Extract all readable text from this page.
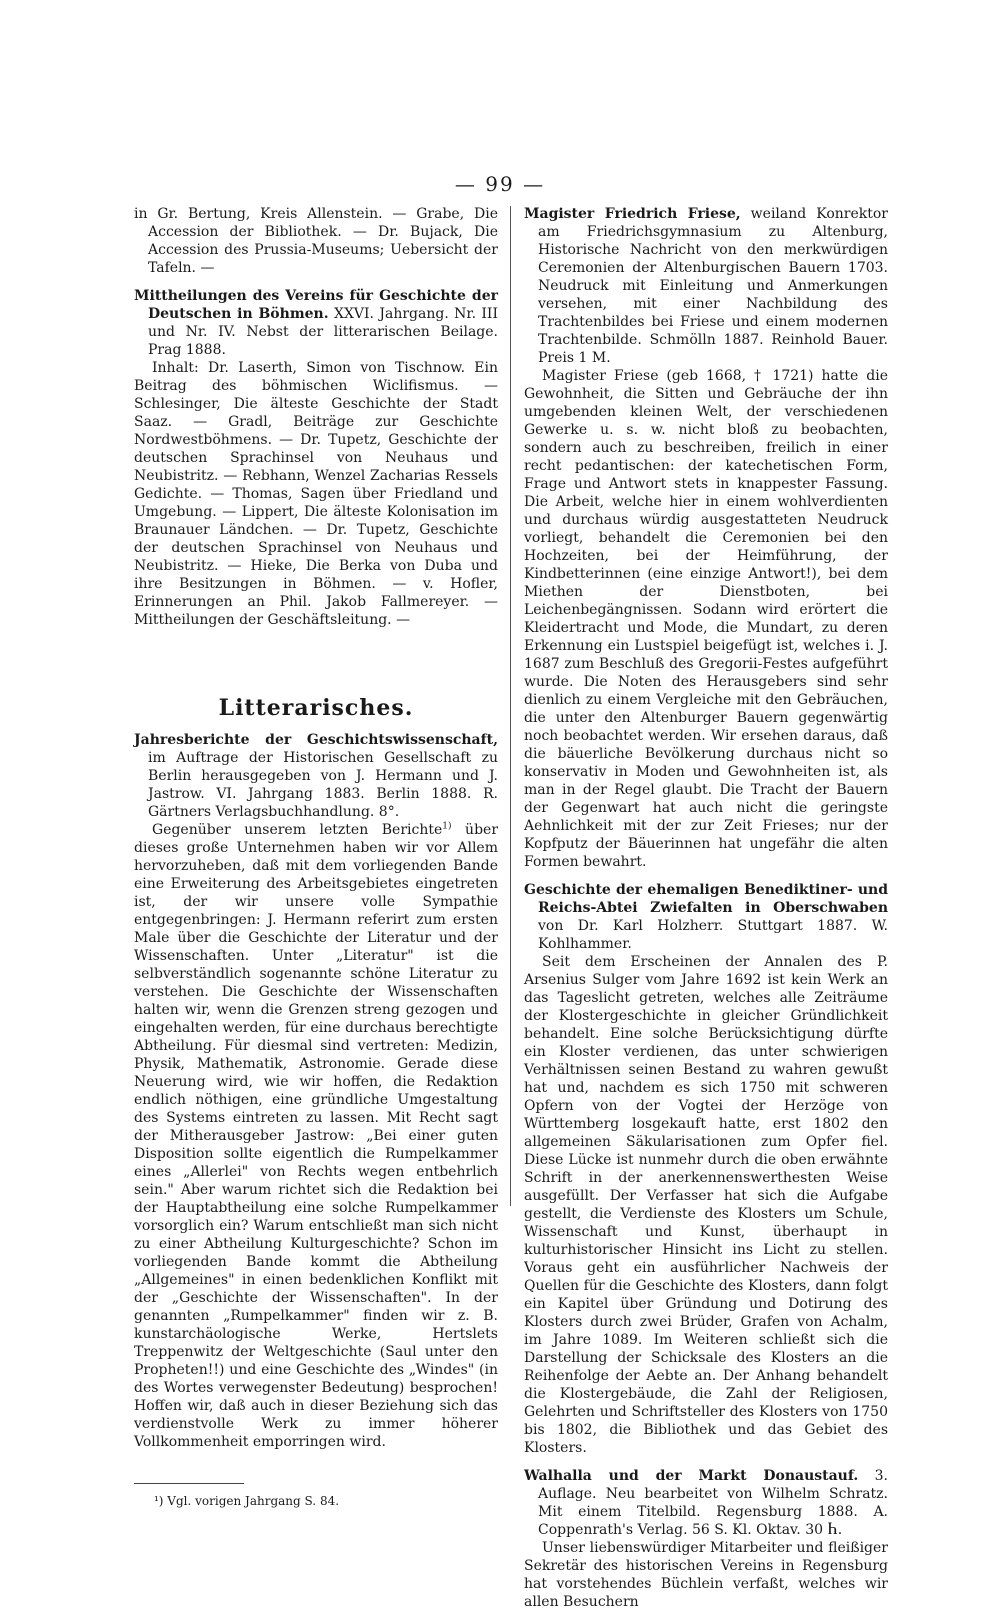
— 99 —

in Gr. Bertung, Kreis Allenstein. — Grabe, Die Accession der Bibliothek. — Dr. Bujack, Die Accession des Prussia-Museums; Uebersicht der Tafeln. —

Mittheilungen des Vereins für Geschichte der Deutschen in Böhmen. XXVI. Jahrgang. Nr. III und Nr. IV. Nebst der litterarischen Beilage. Prag 1888.

Inhalt: Dr. Laserth, Simon von Tischnow. Ein Beitrag des böhmischen Wiclifismus. — Schlesinger, Die älteste Geschichte der Stadt Saaz. — Gradl, Beiträge zur Geschichte Nordwestböhmens. — Dr. Tupetz, Geschichte der deutschen Sprachinsel von Neuhaus und Neubistritz. — Rebhann, Wenzel Zacharias Ressels Gedichte. — Thomas, Sagen über Friedland und Umgebung. — Lippert, Die älteste Kolonisation im Braunauer Ländchen. — Dr. Tupetz, Geschichte der deutschen Sprachinsel von Neuhaus und Neubistritz. — Hieke, Die Berka von Duba und ihre Besitzungen in Böhmen. — v. Hofler, Erinnerungen an Phil. Jakob Fallmereyer. — Mittheilungen der Geschäftsleitung. —

Litterarisches.

Jahresberichte der Geschichtswissenschaft, im Auftrage der Historischen Gesellschaft zu Berlin herausgegeben von J. Hermann und J. Jastrow. VI. Jahrgang 1883. Berlin 1888. R. Gärtners Verlagsbuchhandlung. 8°.

Gegenüber unserem letzten Berichte$^{1)}$ über dieses große Unternehmen haben wir vor Allem hervorzuheben, daß mit dem vorliegenden Bande eine Erweiterung des Arbeitsgebietes eingetreten ist, der wir unsere volle Sympathie entgegenbringen: J. Hermann referirt zum ersten Male über die Geschichte der Literatur und der Wissenschaften. Unter „Literatur" ist die selbverständlich sogenannte schöne Literatur zu verstehen. Die Geschichte der Wissenschaften halten wir, wenn die Grenzen streng gezogen und eingehalten werden, für eine durchaus berechtigte Abtheilung. Für diesmal sind vertreten: Medizin, Physik, Mathematik, Astronomie. Gerade diese Neuerung wird, wie wir hoffen, die Redaktion endlich nöthigen, eine gründliche Umgestaltung des Systems eintreten zu lassen. Mit Recht sagt der Mitherausgeber Jastrow: „Bei einer guten Disposition sollte eigentlich die Rumpelkammer eines „Allerlei" von Rechts wegen entbehrlich sein." Aber warum richtet sich die Redaktion bei der Hauptabtheilung eine solche Rumpelkammer vorsorglich ein? Warum entschließt man sich nicht zu einer Abtheilung Kulturgeschichte? Schon im vorliegenden Bande kommt die Abtheilung „Allgemeines" in einen bedenklichen Konflikt mit der „Geschichte der Wissenschaften". In der genannten „Rumpelkammer" finden wir z. B. kunstarchäologische Werke, Hertslets Treppenwitz der Weltgeschichte (Saul unter den Propheten!!) und eine Geschichte des „Windes" (in des Wortes verwegenster Bedeutung) besprochen! Hoffen wir, daß auch in dieser Beziehung sich das verdienstvolle Werk zu immer höherer Vollkommenheit emporringen wird.

¹) Vgl. vorigen Jahrgang S. 84.

Magister Friedrich Friese, weiland Konrektor am Friedrichsgymnasium zu Altenburg, Historische Nachricht von den merkwürdigen Ceremonien der Altenburgischen Bauern 1703. Neudruck mit Einleitung und Anmerkungen versehen, mit einer Nachbildung des Trachtenbildes bei Friese und einem modernen Trachtenbilde. Schmölln 1887. Reinhold Bauer. Preis 1 M.

Magister Friese (geb 1668, † 1721) hatte die Gewohnheit, die Sitten und Gebräuche der ihn umgebenden kleinen Welt, der verschiedenen Gewerke u. s. w. nicht bloß zu beobachten, sondern auch zu beschreiben, freilich in einer recht pedantischen: der katechetischen Form, Frage und Antwort stets in knappester Fassung. Die Arbeit, welche hier in einem wohlverdienten und durchaus würdig ausgestatteten Neudruck vorliegt, behandelt die Ceremonien bei den Hochzeiten, bei der Heimführung, der Kindbetterinnen (eine einzige Antwort!), bei dem Miethen der Dienstboten, bei Leichenbegängnissen. Sodann wird erörtert die Kleidertracht und Mode, die Mundart, zu deren Erkennung ein Lustspiel beigefügt ist, welches i. J. 1687 zum Beschluß des Gregorii-Festes aufgeführt wurde. Die Noten des Herausgebers sind sehr dienlich zu einem Vergleiche mit den Gebräuchen, die unter den Altenburger Bauern gegenwärtig noch beobachtet werden. Wir ersehen daraus, daß die bäuerliche Bevölkerung durchaus nicht so konservativ in Moden und Gewohnheiten ist, als man in der Regel glaubt. Die Tracht der Bauern der Gegenwart hat auch nicht die geringste Aehnlichkeit mit der zur Zeit Frieses; nur der Kopfputz der Bäuerinnen hat ungefähr die alten Formen bewahrt.

Geschichte der ehemaligen Benediktiner- und Reichs-Abtei Zwiefalten in Oberschwaben von Dr. Karl Holzherr. Stuttgart 1887. W. Kohlhammer.

Seit dem Erscheinen der Annalen des P. Arsenius Sulger vom Jahre 1692 ist kein Werk an das Tageslicht getreten, welches alle Zeiträume der Klostergeschichte in gleicher Gründlichkeit behandelt. Eine solche Berücksichtigung dürfte ein Kloster verdienen, das unter schwierigen Verhältnissen seinen Bestand zu wahren gewußt hat und, nachdem es sich 1750 mit schweren Opfern von der Vogtei der Herzöge von Württemberg losgekauft hatte, erst 1802 den allgemeinen Säkularisationen zum Opfer fiel. Diese Lücke ist nunmehr durch die oben erwähnte Schrift in der anerkennenswerthesten Weise ausgefüllt. Der Verfasser hat sich die Aufgabe gestellt, die Verdienste des Klosters um Schule, Wissenschaft und Kunst, überhaupt in kulturhistorischer Hinsicht ins Licht zu stellen. Voraus geht ein ausführlicher Nachweis der Quellen für die Geschichte des Klosters, dann folgt ein Kapitel über Gründung und Dotirung des Klosters durch zwei Brüder, Grafen von Achalm, im Jahre 1089. Im Weiteren schließt sich die Darstellung der Schicksale des Klosters an die Reihenfolge der Aebte an. Der Anhang behandelt die Klostergebäude, die Zahl der Religiosen, Gelehrten und Schriftsteller des Klosters von 1750 bis 1802, die Bibliothek und das Gebiet des Klosters.

Walhalla und der Markt Donaustauf. 3. Auflage. Neu bearbeitet von Wilhelm Schratz. Mit einem Titelbild. Regensburg 1888. A. Coppenrath's Verlag. 56 S. Kl. Oktav. 30 Ⴙ.

Unser liebenswürdiger Mitarbeiter und fleißiger Sekretär des historischen Vereins in Regensburg hat vorstehendes Büchlein verfaßt, welches wir allen Besuchern
